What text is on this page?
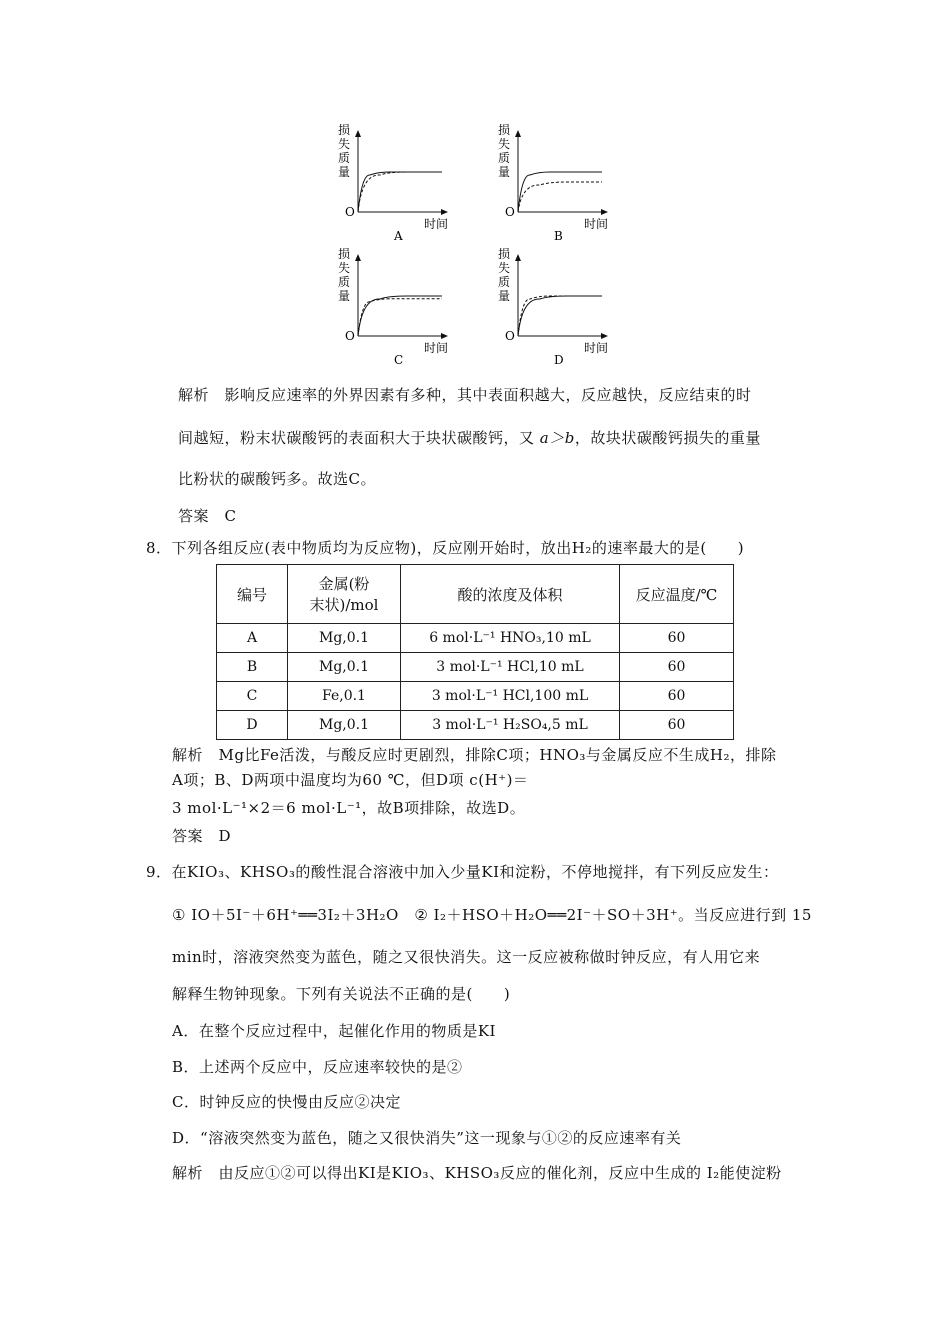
损
失
质
量
O
时间
A
损
失
质
量
O
时间
B
损
失
质
量
O
时间
C
损
失
质
量
O
时间
D
解析　影响反应速率的外界因素有多种，其中表面积越大，反应越快，反应结束的时
间越短，粉末状碳酸钙的表面积大于块状碳酸钙，又 a＞b，故块状碳酸钙损失的重量
比粉状的碳酸钙多。故选C。
答案　C
8．下列各组反应(表中物质均为反应物)，反应刚开始时，放出H₂的速率最大的是(　　)
编号	金属(粉
末状)/mol	酸的浓度及体积	反应温度/℃
A	Mg,0.1	6 mol·L⁻¹ HNO₃,10 mL	60
B	Mg,0.1	3 mol·L⁻¹ HCl,10 mL	60
C	Fe,0.1	3 mol·L⁻¹ HCl,100 mL	60
D	Mg,0.1	3 mol·L⁻¹ H₂SO₄,5 mL	60
解析　Mg比Fe活泼，与酸反应时更剧烈，排除C项；HNO₃与金属反应不生成H₂，排除
A项；B、D两项中温度均为60 ℃，但D项 c(H⁺)＝
3 mol·L⁻¹×2＝6 mol·L⁻¹，故B项排除，故选D。
答案　D
9．在KIO₃、KHSO₃的酸性混合溶液中加入少量KI和淀粉，不停地搅拌，有下列反应发生：
① IO＋5I⁻＋6H⁺══3I₂＋3H₂O　② I₂＋HSO＋H₂O══2I⁻＋SO＋3H⁺。当反应进行到 15
min时，溶液突然变为蓝色，随之又很快消失。这一反应被称做时钟反应，有人用它来
解释生物钟现象。下列有关说法不正确的是(　　)
A．在整个反应过程中，起催化作用的物质是KI
B．上述两个反应中，反应速率较快的是②
C．时钟反应的快慢由反应②决定
D．“溶液突然变为蓝色，随之又很快消失”这一现象与①②的反应速率有关
解析　由反应①②可以得出KI是KIO₃、KHSO₃反应的催化剂，反应中生成的 I₂能使淀粉
